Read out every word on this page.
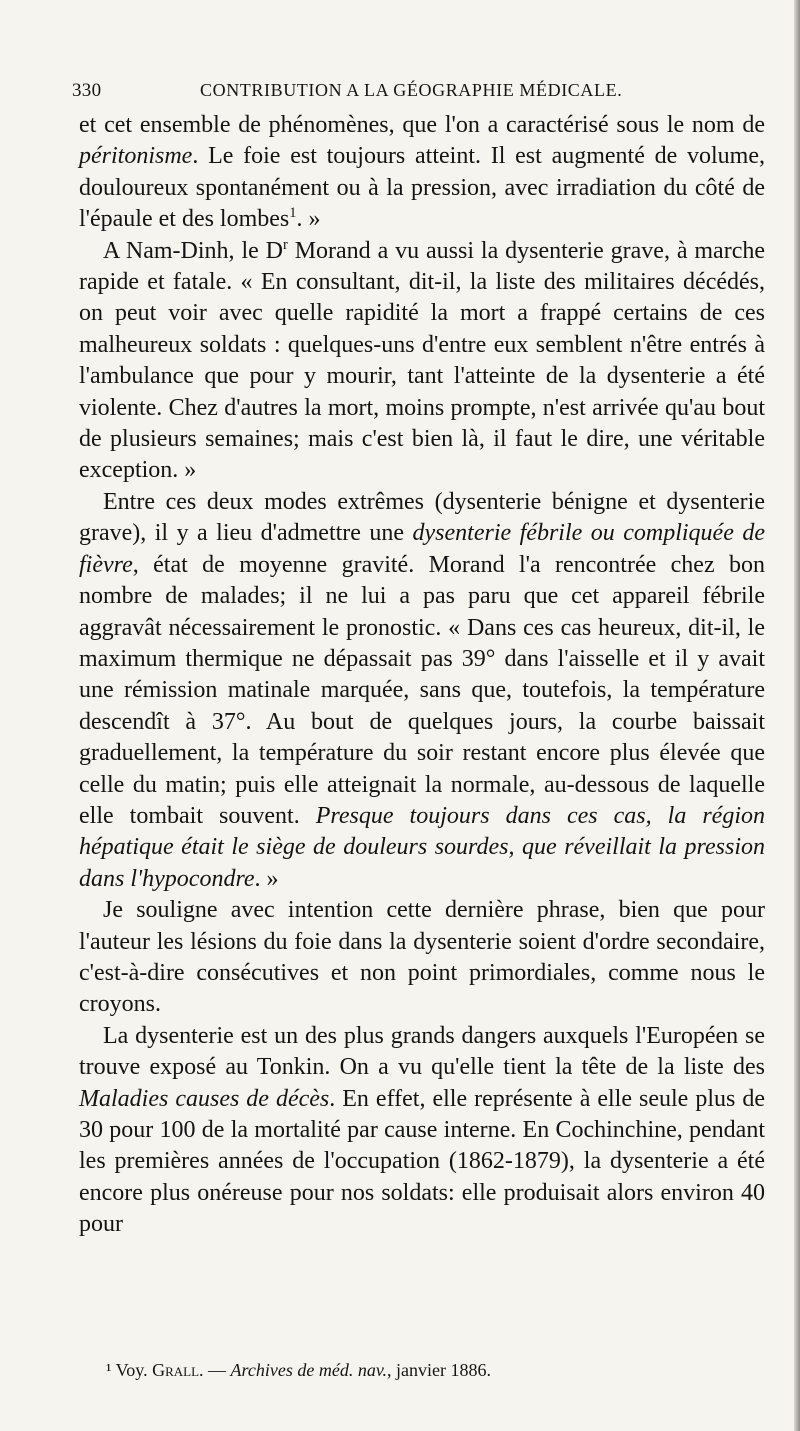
330	CONTRIBUTION A LA GÉOGRAPHIE MÉDICALE.

et cet ensemble de phénomènes, que l'on a caractérisé sous le nom de péritonisme. Le foie est toujours atteint. Il est augmenté de volume, douloureux spontanément ou à la pression, avec irradiation du côté de l'épaule et des lombes$^1$. »

A Nam-Dinh, le $D^r$ Morand a vu aussi la dysenterie grave, à marche rapide et fatale. « En consultant, dit-il, la liste des militaires décédés, on peut voir avec quelle rapidité la mort a frappé certains de ces malheureux soldats : quelques-uns d'entre eux semblent n'être entrés à l'ambulance que pour y mourir, tant l'atteinte de la dysenterie a été violente. Chez d'autres la mort, moins prompte, n'est arrivée qu'au bout de plusieurs semaines; mais c'est bien là, il faut le dire, une véritable exception. »

Entre ces deux modes extrêmes (dysenterie bénigne et dysenterie grave), il y a lieu d'admettre une dysenterie fébrile ou compliquée de fièvre, état de moyenne gravité. Morand l'a rencontrée chez bon nombre de malades; il ne lui a pas paru que cet appareil fébrile aggravât nécessairement le pronostic. « Dans ces cas heureux, dit-il, le maximum thermique ne dépassait pas 39° dans l'aisselle et il y avait une rémission matinale marquée, sans que, toutefois, la température descendît à 37°. Au bout de quelques jours, la courbe baissait graduellement, la température du soir restant encore plus élevée que celle du matin; puis elle atteignait la normale, au-dessous de laquelle elle tombait souvent. Presque toujours dans ces cas, la région hépatique était le siège de douleurs sourdes, que réveillait la pression dans l'hypocondre. »

Je souligne avec intention cette dernière phrase, bien que pour l'auteur les lésions du foie dans la dysenterie soient d'ordre secondaire, c'est-à-dire consécutives et non point primordiales, comme nous le croyons.

La dysenterie est un des plus grands dangers auxquels l'Européen se trouve exposé au Tonkin. On a vu qu'elle tient la tête de la liste des Maladies causes de décès. En effet, elle représente à elle seule plus de 30 pour 100 de la mortalité par cause interne. En Cochinchine, pendant les premières années de l'occupation (1862-1879), la dysenterie a été encore plus onéreuse pour nos soldats: elle produisait alors environ 40 pour

¹ Voy. Grall. — Archives de méd. nav., janvier 1886.
